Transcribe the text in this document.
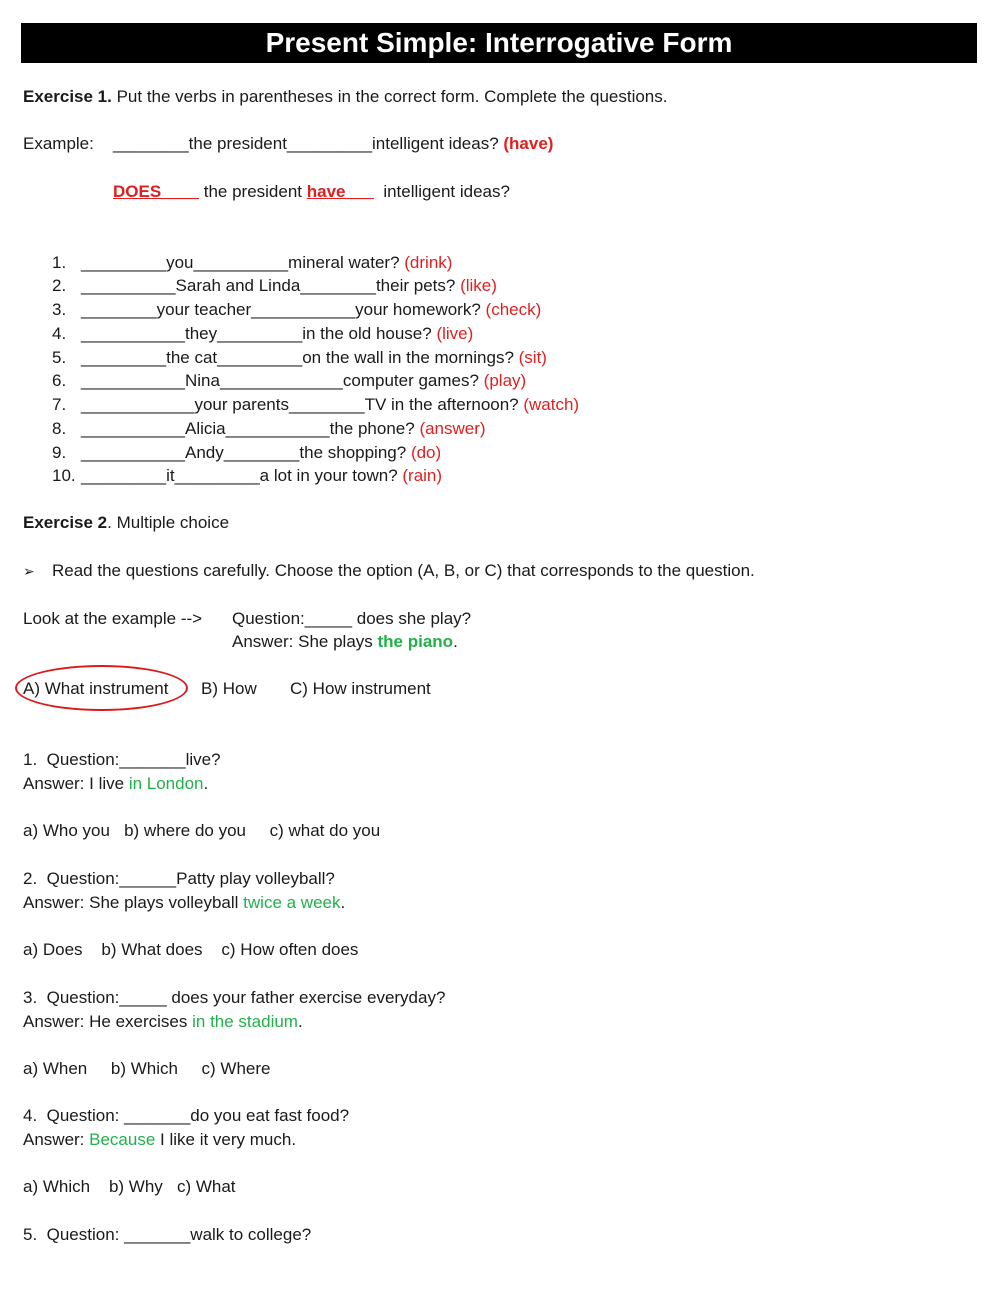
Present Simple: Interrogative Form
Exercise 1. Put the verbs in parentheses in the correct form. Complete the questions.
Example: ________the president_________intelligent ideas? (have)
DOES____ the president have___  intelligent ideas?
1. _________you__________mineral water? (drink)
2. __________Sarah and Linda________their pets? (like)
3. ________your teacher___________your homework? (check)
4. ___________they_________in the old house? (live)
5. _________the cat_________on the wall in the mornings? (sit)
6. ___________Nina_____________computer games? (play)
7. ____________your parents________TV in the afternoon? (watch)
8. ___________Alicia___________the phone? (answer)
9. ___________Andy________the shopping? (do)
10. _________it_________a lot in your town? (rain)
Exercise 2. Multiple choice
➢ Read the questions carefully. Choose the option (A, B, or C) that corresponds to the question.
Look at the example --> Question:_____ does she play?
Answer: She plays the piano.
A) What instrument B) How C) How instrument
1.  Question:_______live?
Answer: I live in London.
a) Who you   b) where do you     c) what do you
2.  Question:______Patty play volleyball?
Answer: She plays volleyball twice a week.
a) Does    b) What does    c) How often does
3.  Question:_____ does your father exercise everyday?
Answer: He exercises in the stadium.
a) When     b) Which     c) Where
4.  Question: _______do you eat fast food?
Answer: Because I like it very much.
a) Which    b) Why   c) What
5.  Question: _______walk to college?
